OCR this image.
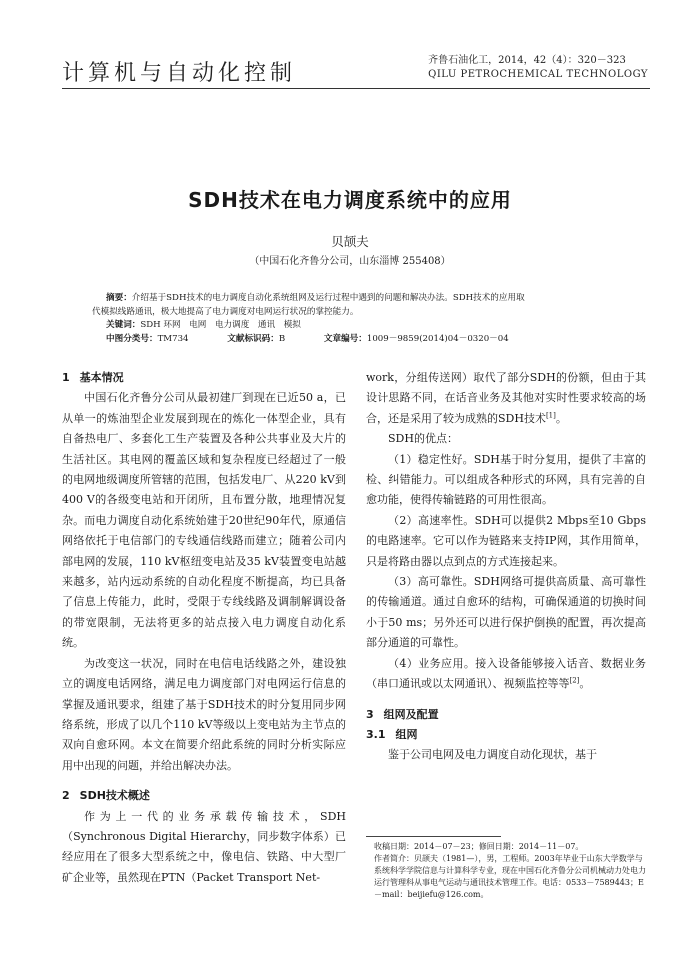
计算机与自动化控制
齐鲁石油化工，2014，42（4）：320－323
QILU PETROCHEMICAL TECHNOLOGY
SDH技术在电力调度系统中的应用
贝颉夫
（中国石化齐鲁分公司，山东淄博 255408）
摘要：介绍基于SDH技术的电力调度自动化系统组网及运行过程中遇到的问题和解决办法。SDH技术的应用取
代模拟线路通讯，极大地提高了电力调度对电网运行状况的掌控能力。
关键词：SDH 环网　电网　电力调度　通讯　模拟
中图分类号：TM734	文献标识码：B	文章编号：1009－9859(2014)04－0320－04
1 基本情况

中国石化齐鲁分公司从最初建厂到现在已近50 a，已从单一的炼油型企业发展到现在的炼化一体型企业，具有自备热电厂、多套化工生产装置及各种公共事业及大片的生活社区。其电网的覆盖区域和复杂程度已经超过了一般的电网地级调度所管辖的范围，包括发电厂、从220 kV到400 V的各级变电站和开闭所，且布置分散，地理情况复杂。而电力调度自动化系统始建于20世纪90年代，原通信网络依托于电信部门的专线通信线路而建立；随着公司内部电网的发展，110 kV枢纽变电站及35 kV装置变电站越来越多，站内远动系统的自动化程度不断提高，均已具备了信息上传能力，此时，受限于专线线路及调制解调设备的带宽限制，无法将更多的站点接入电力调度自动化系统。

为改变这一状况，同时在电信电话线路之外，建设独立的调度电话网络，满足电力调度部门对电网运行信息的掌握及通讯要求，组建了基于SDH技术的时分复用同步网络系统，形成了以几个110 kV等级以上变电站为主节点的双向自愈环网。本文在简要介绍此系统的同时分析实际应用中出现的问题，并给出解决办法。

2 SDH技术概述

作为上一代的业务承载传输技术，SDH（Synchronous Digital Hierarchy，同步数字体系）已经应用在了很多大型系统之中，像电信、铁路、中大型厂矿企业等，虽然现在PTN（Packet Transport Net-

work，分组传送网）取代了部分SDH的份额，但由于其设计思路不同，在话音业务及其他对实时性要求较高的场合，还是采用了较为成熟的SDH技术[1]。

SDH的优点：

（1）稳定性好。SDH基于时分复用，提供了丰富的检、纠错能力。可以组成各种形式的环网，具有完善的自愈功能，使得传输链路的可用性很高。

（2）高速率性。SDH可以提供2 Mbps至10 Gbps的电路速率。它可以作为链路来支持IP网，其作用简单，只是将路由器以点到点的方式连接起来。

（3）高可靠性。SDH网络可提供高质量、高可靠性的传输通道。通过自愈环的结构，可确保通道的切换时间小于50 ms；另外还可以进行保护倒换的配置，再次提高部分通道的可靠性。

（4）业务应用。接入设备能够接入话音、数据业务（串口通讯或以太网通讯）、视频监控等等[2]。

3 组网及配置
3.1 组网

鉴于公司电网及电力调度自动化现状，基于

收稿日期：2014－07－23；修回日期：2014－11－07。

作者简介：贝颉夫（1981—），男，工程师。2003年毕业于山东大学数学与系统科学学院信息与计算科学专业，现在中国石化齐鲁分公司机械动力处电力运行管理科从事电气运动与通讯技术管理工作。电话：0533－7589443；E－mail：beijiefu@126.com。
